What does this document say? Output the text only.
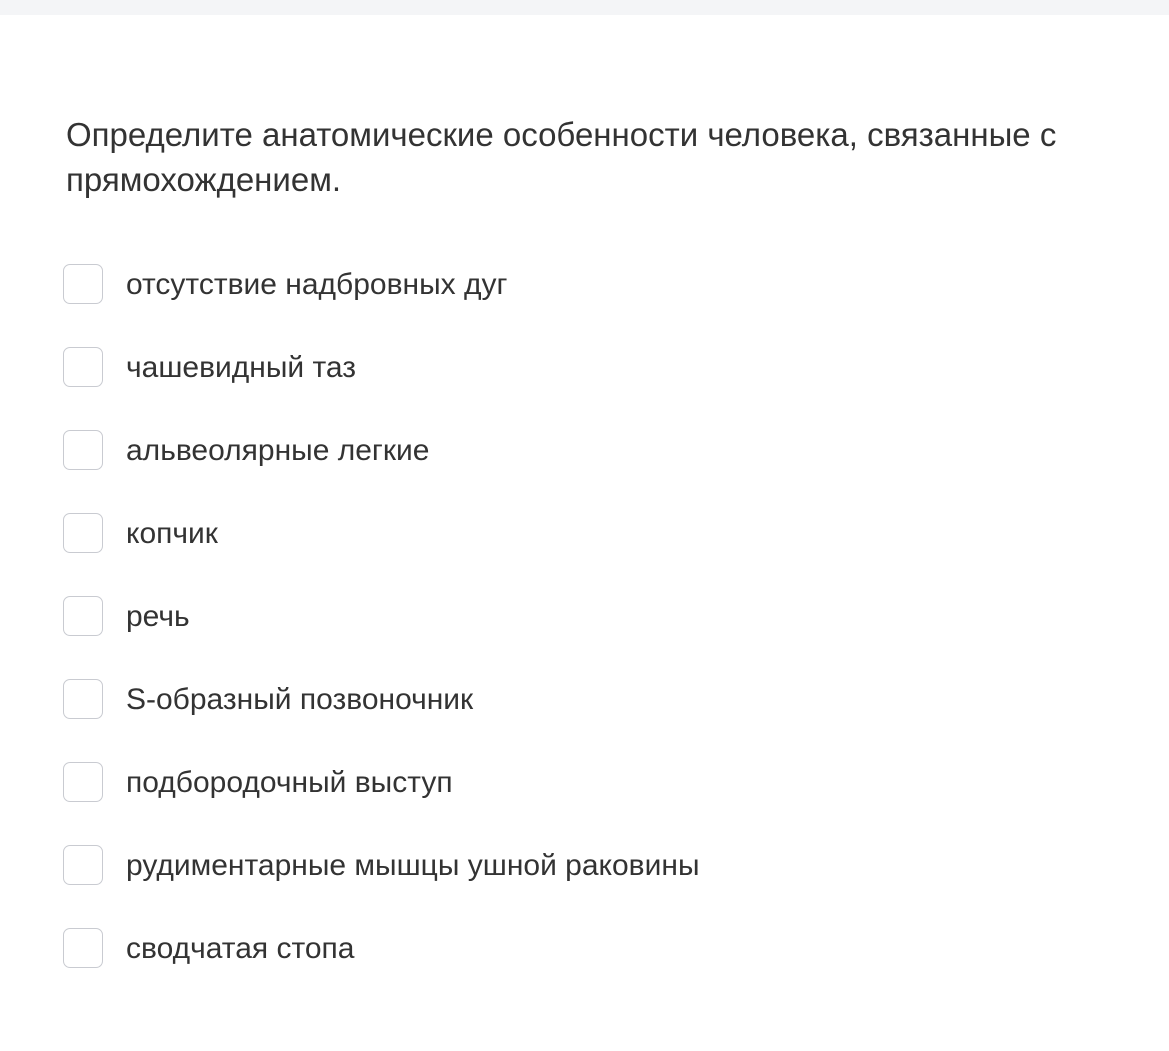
Определите анатомические особенности человека, связанные с
прямохождением.
отсутствие надбровных дуг
чашевидный таз
альвеолярные легкие
копчик
речь
S-образный позвоночник
подбородочный выступ
рудиментарные мышцы ушной раковины
сводчатая стопа
